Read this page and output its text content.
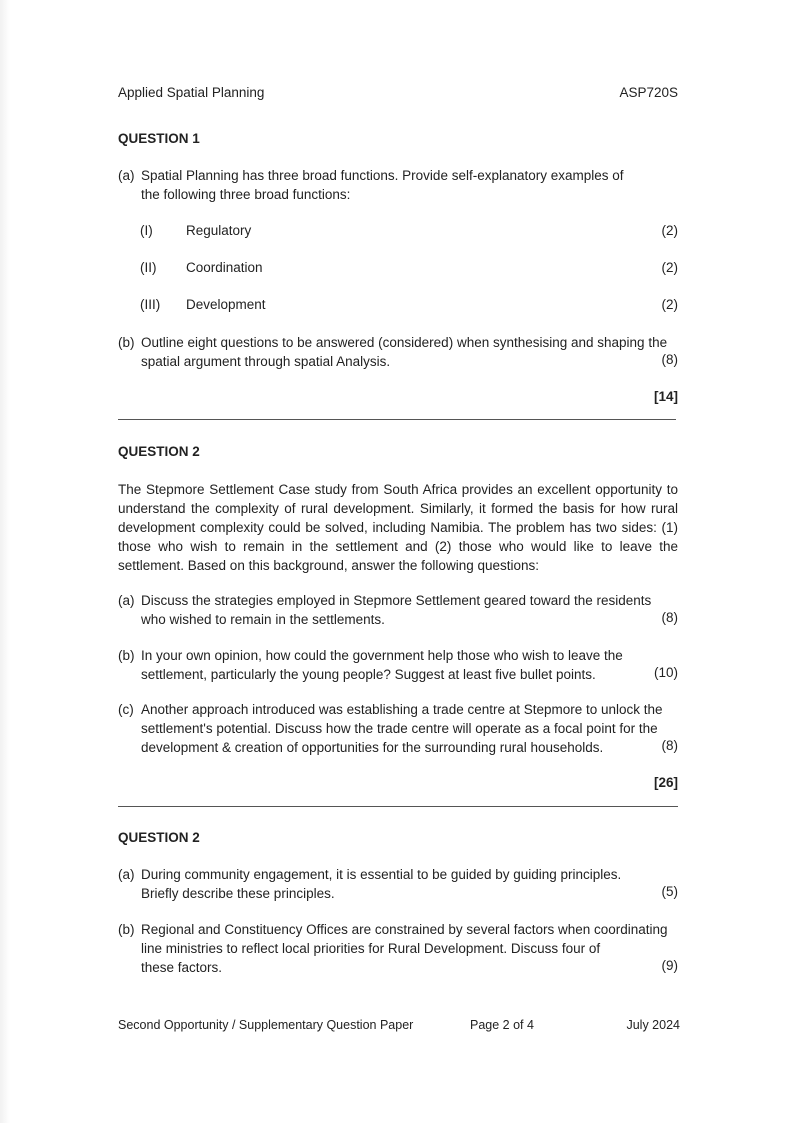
Applied Spatial Planning	ASP720S
QUESTION 1
(a) Spatial Planning has three broad functions. Provide self-explanatory examples of
the following three broad functions:
(I) Regulatory	(2)
(II) Coordination	(2)
(III) Development	(2)
(b) Outline eight questions to be answered (considered) when synthesising and shaping the
spatial argument through spatial Analysis.	(8)
[14]
QUESTION 2
The Stepmore Settlement Case study from South Africa provides an excellent opportunity to understand the complexity of rural development. Similarly, it formed the basis for how rural development complexity could be solved, including Namibia. The problem has two sides: (1) those who wish to remain in the settlement and (2) those who would like to leave the settlement. Based on this background, answer the following questions:
(a) Discuss the strategies employed in Stepmore Settlement geared toward the residents
who wished to remain in the settlements.	(8)
(b) In your own opinion, how could the government help those who wish to leave the
settlement, particularly the young people? Suggest at least five bullet points.	(10)
(c) Another approach introduced was establishing a trade centre at Stepmore to unlock the
settlement's potential. Discuss how the trade centre will operate as a focal point for the
development & creation of opportunities for the surrounding rural households.	(8)
[26]
QUESTION 2
(a) During community engagement, it is essential to be guided by guiding principles.
Briefly describe these principles.	(5)
(b) Regional and Constituency Offices are constrained by several factors when coordinating
line ministries to reflect local priorities for Rural Development. Discuss four of
these factors.	(9)
Second Opportunity / Supplementary Question Paper	Page 2 of 4	July 2024
